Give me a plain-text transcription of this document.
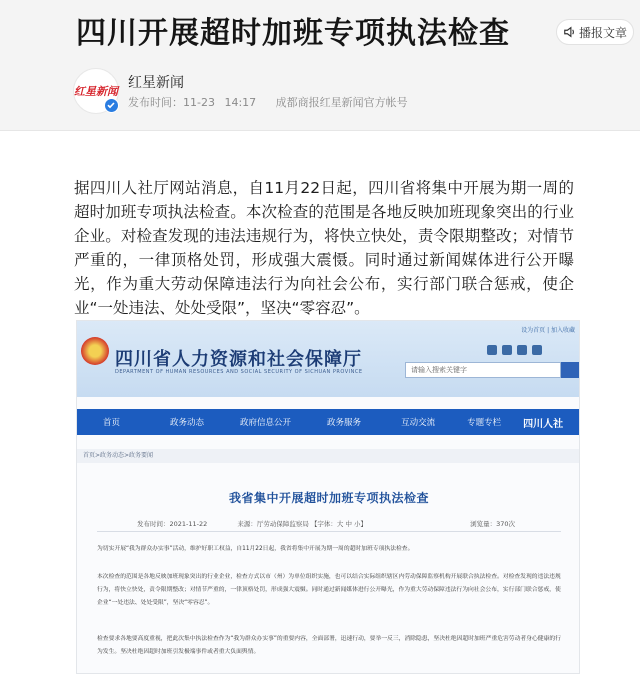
四川开展超时加班专项执法检查	播报文章
红星新闻
红星新闻
发布时间：11-23 14:17 成都商报红星新闻官方帐号
据四川人社厅网站消息，自11月22日起，四川省将集中开展为期一周的超时加班专项执法检查。本次检查的范围是各地反映加班现象突出的行业企业。对检查发现的违法违规行为，将快立快处，责令限期整改；对情节严重的，一律顶格处罚，形成强大震慑。同时通过新闻媒体进行公开曝光，作为重大劳动保障违法行为向社会公布，实行部门联合惩戒，使企业“一处违法、处处受限”，坚决“零容忍”。
四川省人力资源和社会保障厅
DEPARTMENT OF HUMAN RESOURCES AND SOCIAL SECURITY OF SICHUAN PROVINCE
设为首页 | 加入收藏
请输入搜索关键字
首页	政务动态	政府信息公开	政务服务	互动交流	专题专栏 四川人社
首页>政务动态>政务要闻
我省集中开展超时加班专项执法检查
发布时间：2021-11-22	来源：厅劳动保障监察局 【字体：大 中 小】	浏览量：370次
为切实开展“我为群众办实事”活动，维护好职工权益，自11月22日起，我省将集中开展为期一周的超时加班专项执法检查。
本次检查的范围是各地反映加班现象突出的行业企业，检查方式以市（州）为单位组织实施，也可以结合实际组织辖区内劳动保障监察机构开展联合执法检查。对检查发现的违法违规行为，将快立快处，责令限期整改；对情节严重的，一律顶格处罚，形成强大震慑。同时通过新闻媒体进行公开曝光，作为重大劳动保障违法行为向社会公布，实行部门联合惩戒，使企业“一处违法、处处受限”，坚决“零容忍”。
检查要求各地要高度重视，把此次集中执法检查作为“我为群众办实事”的重要内容，全面部署，迅速行动，要举一反三，消除隐患，坚决杜绝因超时加班严重危害劳动者身心健康的行为发生。坚决杜绝因超时加班引发极端事件或者重大负面舆情。
